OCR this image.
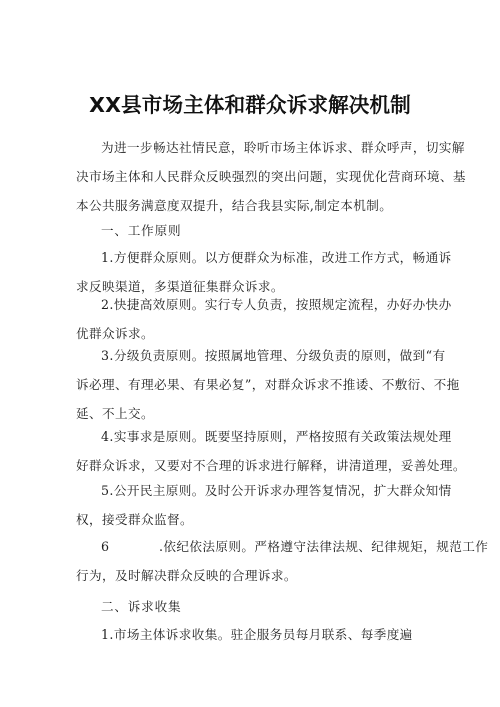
XX县市场主体和群众诉求解决机制
为进一步畅达社情民意，聆听市场主体诉求、群众呼声，切实解
决市场主体和人民群众反映强烈的突出问题，实现优化营商环境、基
本公共服务满意度双提升，结合我县实际,制定本机制。
一、工作原则
1.方便群众原则。以方便群众为标准，改进工作方式，畅通诉
求反映渠道，多渠道征集群众诉求。
2.快捷高效原则。实行专人负责，按照规定流程，办好办快办
优群众诉求。
3.分级负责原则。按照属地管理、分级负责的原则，做到“有
诉必理、有理必果、有果必复”，对群众诉求不推诿、不敷衍、不拖
延、不上交。
4.实事求是原则。既要坚持原则，严格按照有关政策法规处理
好群众诉求，又要对不合理的诉求进行解释，讲清道理，妥善处理。
5.公开民主原则。及时公开诉求办理答复情况，扩大群众知情
权，接受群众监督。
6	.依纪依法原则。严格遵守法律法规、纪律规矩，规范工作
行为，及时解决群众反映的合理诉求。
二、诉求收集
1.市场主体诉求收集。驻企服务员每月联系、每季度遍
